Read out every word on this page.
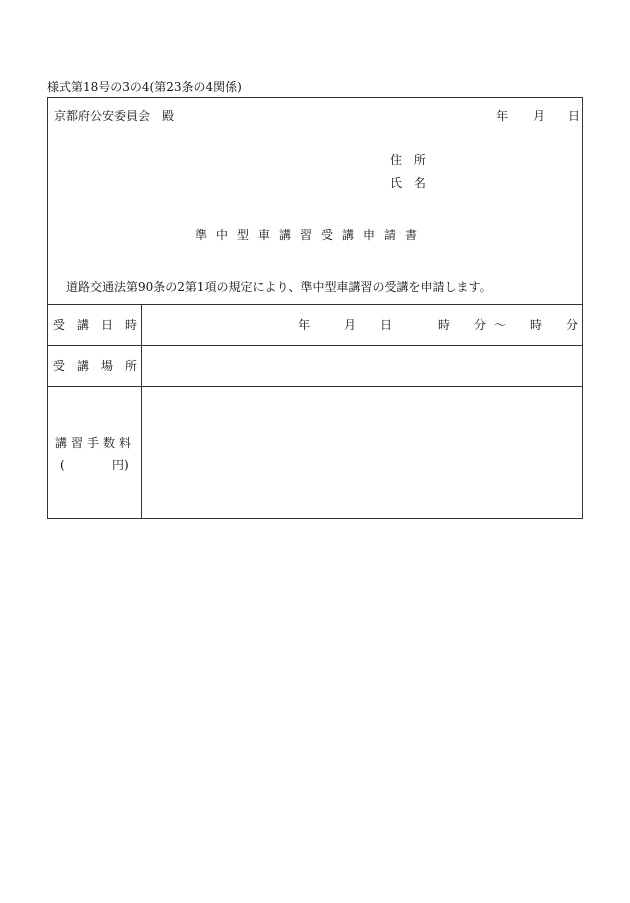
様式第18号の3の4(第23条の4関係)
京都府公安委員会　殿	年 月 日
住 所
氏 名
準中型車講習受講申請書
道路交通法第90条の2第1項の規定により、準中型車講習の受講を申請します。
受講日時	年	月 日	時 分 ～ 時 分
受講場所
講習手数料
(	円)
